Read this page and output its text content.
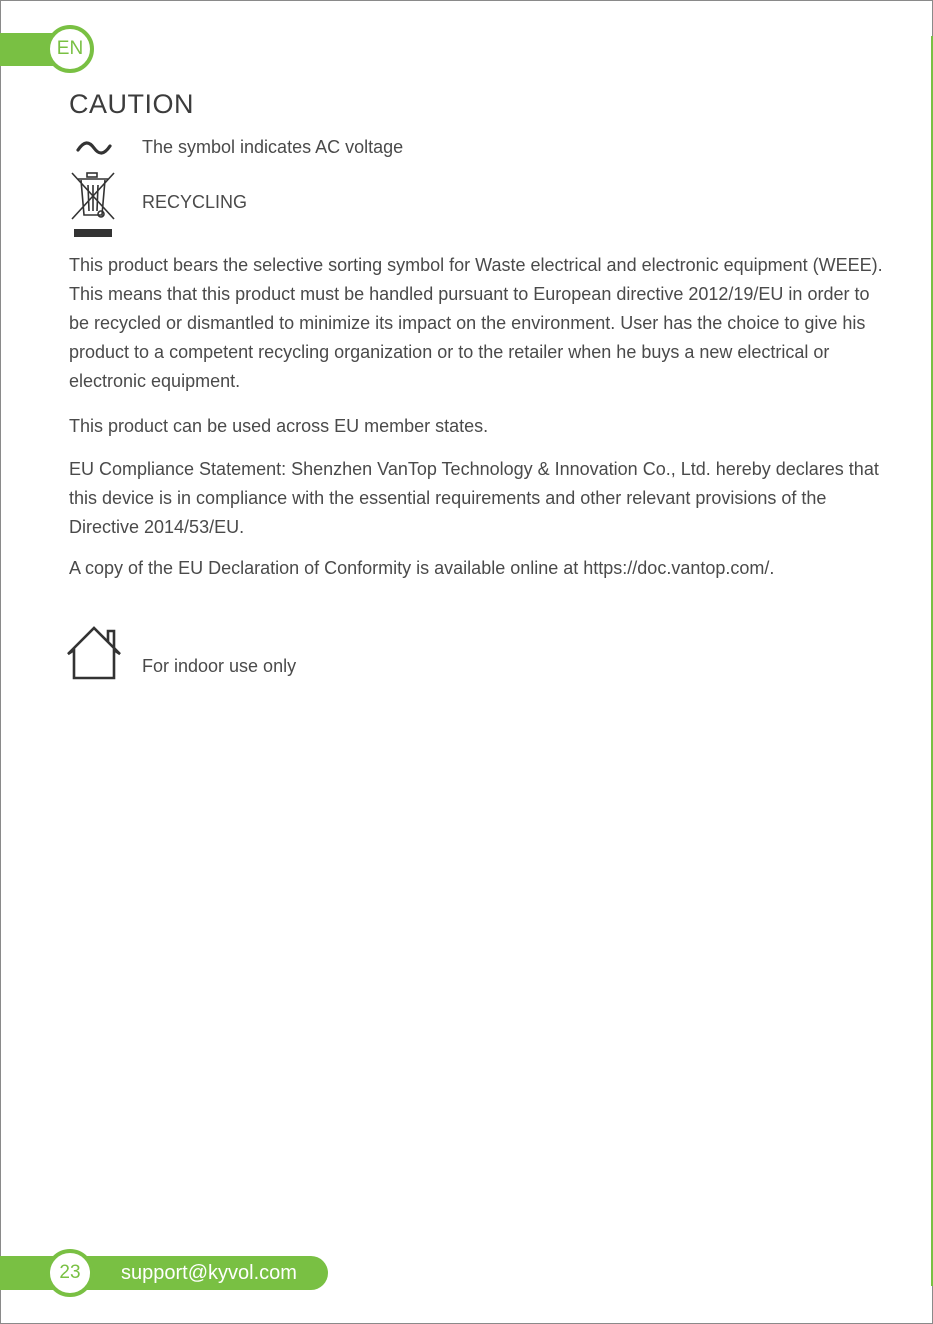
EN
CAUTION
The symbol indicates AC voltage
RECYCLING

This product bears the selective sorting symbol for Waste electrical and electronic equipment (WEEE). This means that this product must be handled pursuant to European directive 2012/19/EU in order to be recycled or dismantled to minimize its impact on the environment. User has the choice to give his product to a competent recycling organization or to the retailer when he buys a new electrical or electronic equipment.

This product can be used across EU member states.

EU Compliance Statement: Shenzhen VanTop Technology & Innovation Co., Ltd. hereby declares that this device is in compliance with the essential requirements and other relevant provisions of the Directive 2014/53/EU.

A copy of the EU Declaration of Conformity is available online at https://doc.vantop.com/.

For indoor use only
support@kyvol.com
23
